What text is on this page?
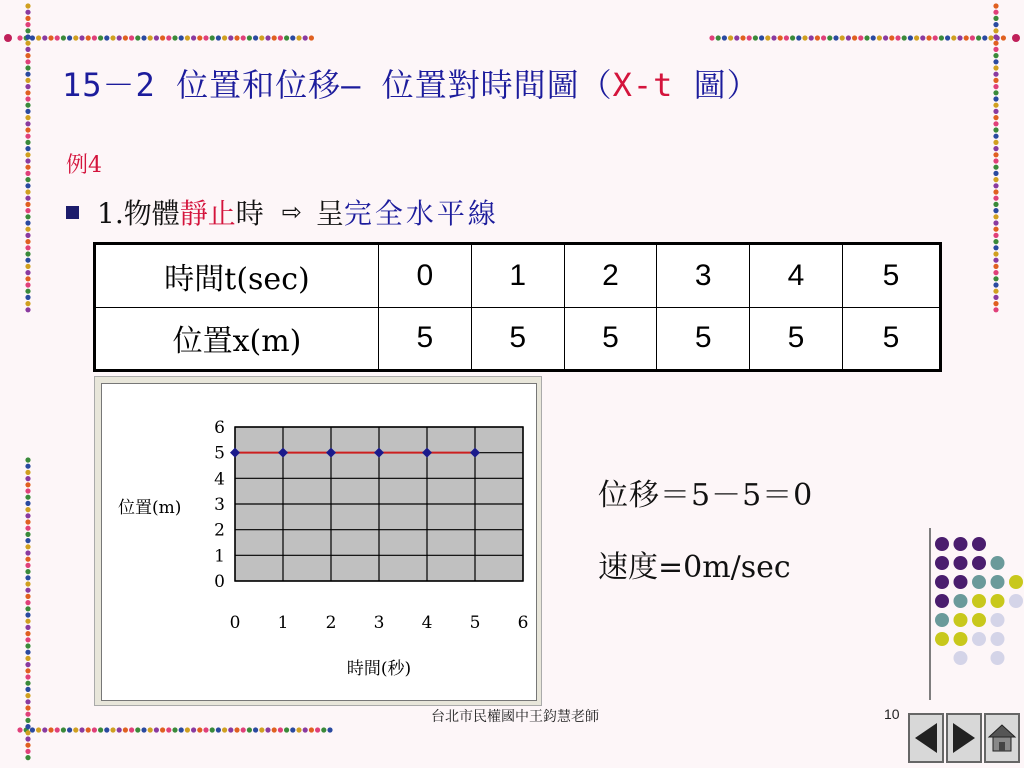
15－2 位置和位移— 位置對時間圖（X-t 圖）
例4
1.物體 靜止 時 ⇨ 呈 完全水平線
時間t(sec)	0	1	2	3	4	5
位置x(m)	5	5	5	5	5	5
0
1
2
3
4
5
6
0 1 2 3 4 5 6
位置(m)
時間(秒)
位移＝5－5＝0
速度=0m/sec
台北市民權國中王鈞慧老師	10
